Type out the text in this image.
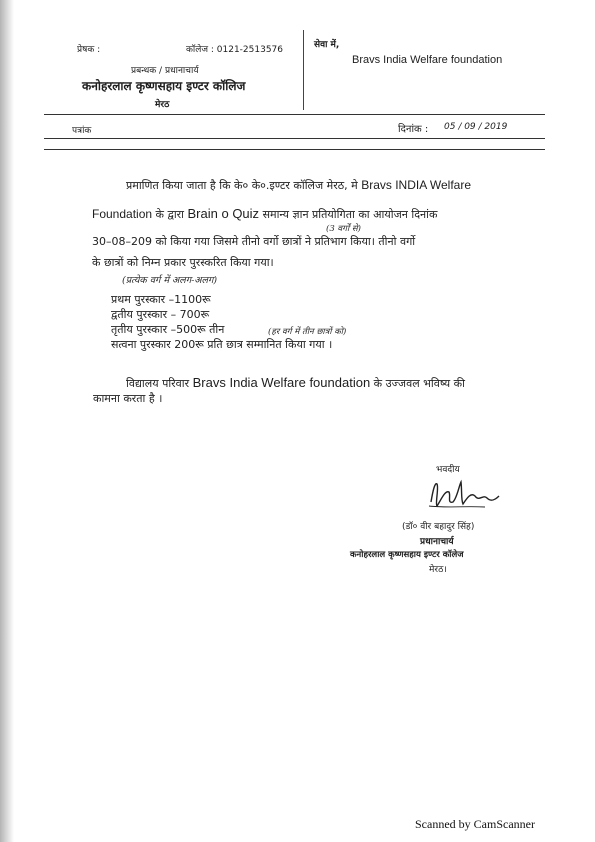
प्रेषक :	कॉलेज : 0121-2513576	सेवा में,
Bravs India Welfare foundation
प्रबन्धक / प्रधानाचार्य
कनोहरलाल कृष्णसहाय इण्टर कॉलिज
मेरठ
पत्रांक	दिनांक : 05 / 09 / 2019
प्रमाणित किया जाता है कि के० के०.इण्टर कॉलिज मेरठ, मे Bravs INDIA Welfare
Foundation के द्वारा Brain o Quiz समान्य ज्ञान प्रतियोगिता का आयोजन दिनांक
(3 वर्गों से)
30–08–209 को किया गया जिसमे तीनो वर्गो छात्रों ने प्रतिभाग किया। तीनो वर्गो
के छात्रों को निम्न प्रकार पुरस्करित किया गया।
(प्रत्येक वर्ग में अलग-अलग)
प्रथम पुरस्कार –1100रू
द्वतीय पुरस्कार – 700रू
तृतीय पुरस्कार –500रू तीन	(हर वर्ग में तीन छात्रों को)
सत्वना पुरस्कार 200रू प्रति छात्र सम्मानित किया गया ।
विद्यालय परिवार Bravs India Welfare foundation के उज्जवल भविष्य की
कामना करता है ।
भवदीय
(डॉ० वीर बहादुर सिंह)
प्रधानाचार्य
कनोहरलाल कृष्णसहाय इण्टर कॉलेज
मेरठ।
Scanned by CamScanner
